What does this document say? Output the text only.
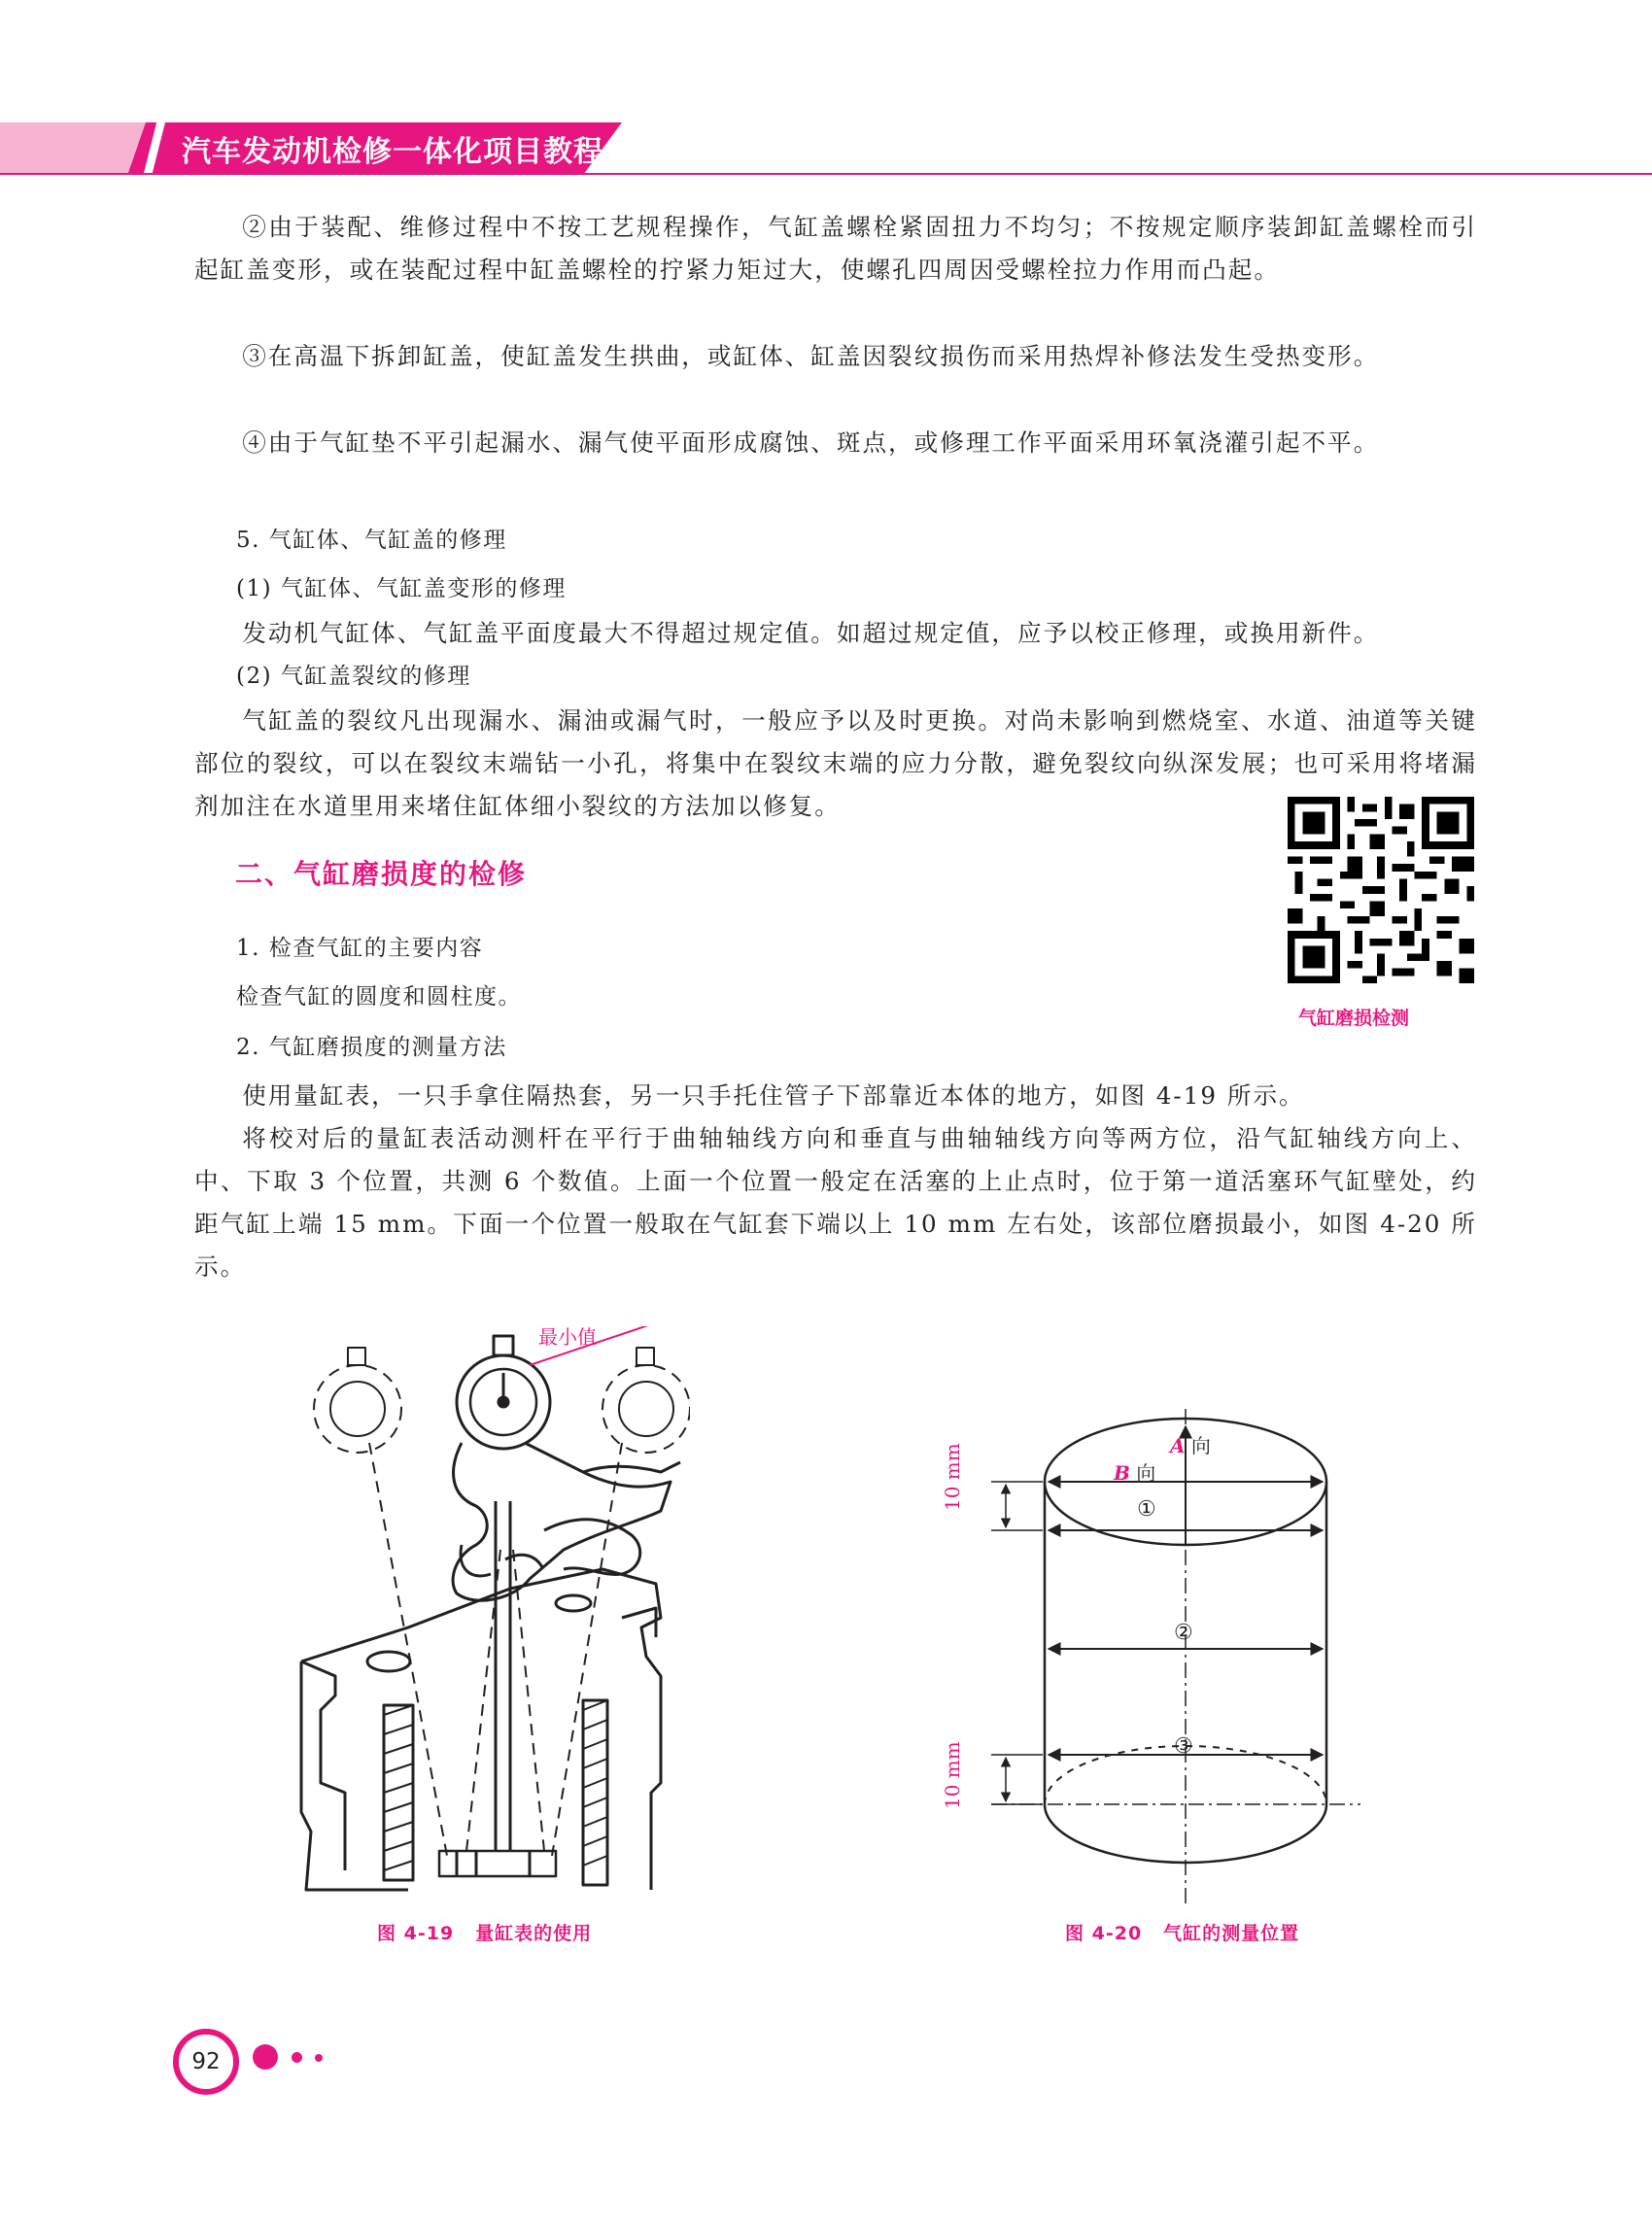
汽车发动机检修一体化项目教程

②由于装配、维修过程中不按工艺规程操作，气缸盖螺栓紧固扭力不均匀；不按规定顺序装卸缸盖螺栓而引起缸盖变形，或在装配过程中缸盖螺栓的拧紧力矩过大，使螺孔四周因受螺栓拉力作用而凸起。

③在高温下拆卸缸盖，使缸盖发生拱曲，或缸体、缸盖因裂纹损伤而采用热焊补修法发生受热变形。

④由于气缸垫不平引起漏水、漏气使平面形成腐蚀、斑点，或修理工作平面采用环氧浇灌引起不平。

5. 气缸体、气缸盖的修理

(1) 气缸体、气缸盖变形的修理

发动机气缸体、气缸盖平面度最大不得超过规定值。如超过规定值，应予以校正修理，或换用新件。

(2) 气缸盖裂纹的修理

气缸盖的裂纹凡出现漏水、漏油或漏气时，一般应予以及时更换。对尚未影响到燃烧室、水道、油道等关键部位的裂纹，可以在裂纹末端钻一小孔，将集中在裂纹末端的应力分散，避免裂纹向纵深发展；也可采用将堵漏剂加注在水道里用来堵住缸体细小裂纹的方法加以修复。

二、气缸磨损度的检修

1. 检查气缸的主要内容

检查气缸的圆度和圆柱度。

2. 气缸磨损度的测量方法

使用量缸表，一只手拿住隔热套，另一只手托住管子下部靠近本体的地方，如图 4-19 所示。

将校对后的量缸表活动测杆在平行于曲轴轴线方向和垂直与曲轴轴线方向等两方位，沿气缸轴线方向上、中、下取 3 个位置，共测 6 个数值。上面一个位置一般定在活塞的上止点时，位于第一道活塞环气缸壁处，约距气缸上端 15 mm。下面一个位置一般取在气缸套下端以上 10 mm 左右处，该部位磨损最小，如图 4-20 所示。

气缸磨损检测
最小值
图 4-19 量缸表的使用
10 mm
10 mm
A 向
B 向
①
②
③
图 4-20 气缸的测量位置
92
